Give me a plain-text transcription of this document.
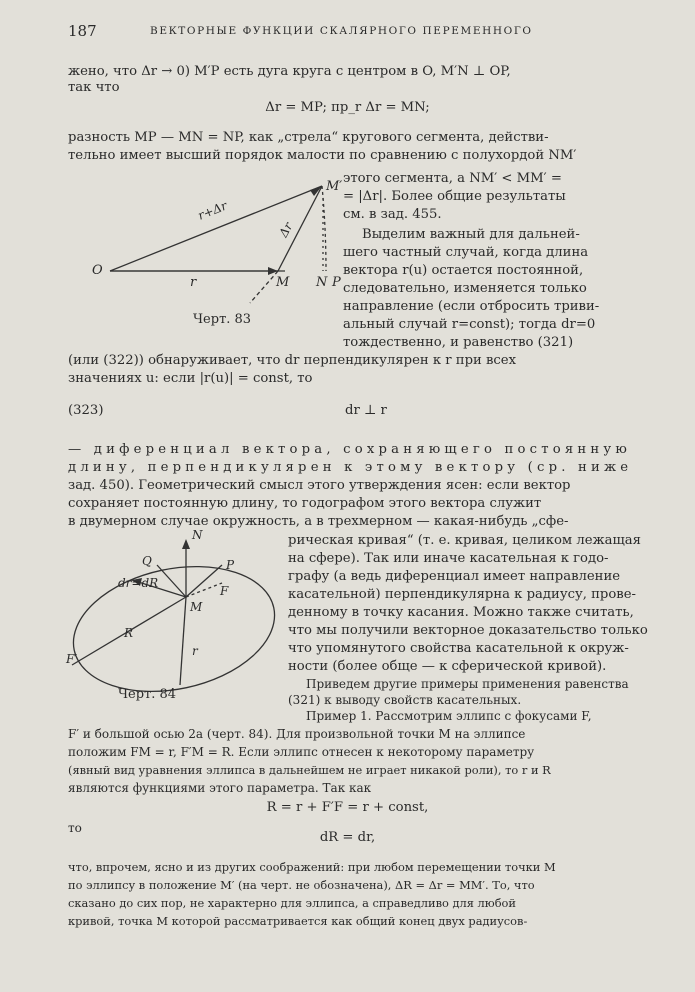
187	ВЕКТОРНЫЕ ФУНКЦИИ СКАЛЯРНОГО ПЕРЕМЕННОГО

жено, что Δr → 0) M′P есть дуга круга с центром в O, M′N ⊥ OP,

так что

Δr = MP; пр_r Δr = MN;

разность MP — MN = NP, как „стрела“ кругового сегмента, действи-

тельно имеет высший порядок малости по сравнению с полухордой NM′

O
r
r+Δr
Δr
M
M′
N P
Черт. 83

этого сегмента, а NM′ < MM′ =

= |Δr|. Более общие результаты

см. в зад. 455.

Выделим важный для дальней-

шего частный случай, когда длина

вектора r(u) остается постоянной,

следовательно, изменяется только

направление (если отбросить триви-

альный случай r=const); тогда dr=0

тождественно, и равенство (321)

(или (322)) обнаруживает, что dr перпендикулярен к r при всех

значениях u: если |r(u)| = const, то

(323)	dr ⊥ r

— диференциал вектора, сохраняющего постоянную

длину, перпендикулярен к этому вектору (ср. ниже

зад. 450). Геометрический смысл этого утверждения ясен: если вектор

сохраняет постоянную длину, то годографом этого вектора служит

в двумерном случае окружность, а в трехмерном — какая-нибудь „сфе-

N
Q	P
dr=dR
F
F′
M
r
R
Черт. 84

рическая кривая“ (т. е. кривая, целиком лежащая

на сфере). Так или иначе касательная к годо-

графу (а ведь диференциал имеет направление

касательной) перпендикулярна к радиусу, прове-

денному в точку касания. Можно также считать,

что мы получили векторное доказательство только

что упомянутого свойства касательной к окруж-

ности (более обще — к сферической кривой).

Приведем другие примеры применения равенства

(321) к выводу свойств касательных.

Пример 1. Рассмотрим эллипс с фокусами F,

F′ и большой осью 2a (черт. 84). Для произвольной точки M на эллипсе

положим FM = r, F′M = R. Если эллипс отнесен к некоторому параметру

(явный вид уравнения эллипса в дальнейшем не играет никакой роли), то r и R

являются функциями этого параметра. Так как

R = r + F′F = r + const,

то

dR = dr,

что, впрочем, ясно и из других соображений: при любом перемещении точки M

по эллипсу в положение M′ (на черт. не обозначена), ΔR = Δr = MM′. То, что

сказано до сих пор, не характерно для эллипса, а справедливо для любой

кривой, точка M которой рассматривается как общий конец двух радиусов-
